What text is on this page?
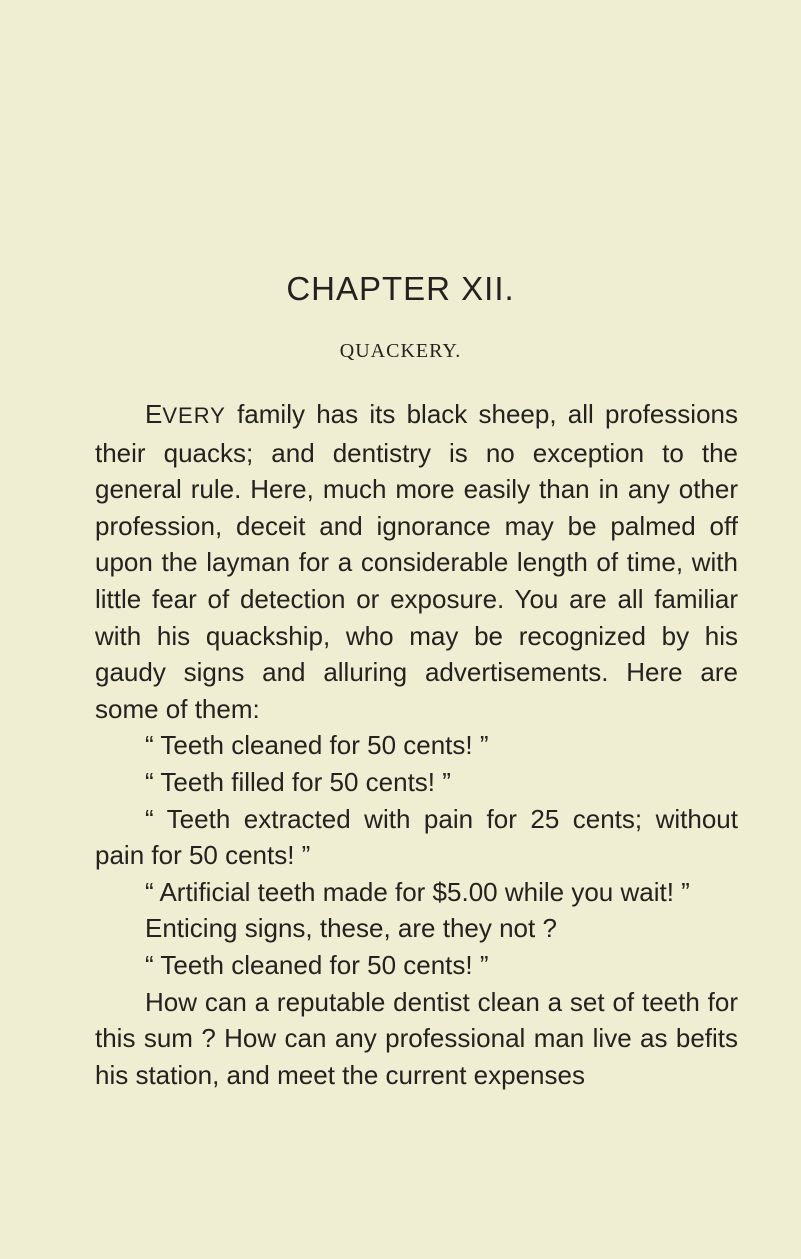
CHAPTER XII.
QUACKERY.

EVERY family has its black sheep, all professions their quacks; and dentistry is no exception to the general rule. Here, much more easily than in any other profession, deceit and ignorance may be palmed off upon the layman for a considerable length of time, with little fear of detection or exposure. You are all familiar with his quackship, who may be recognized by his gaudy signs and alluring advertisements. Here are some of them:

“ Teeth cleaned for 50 cents! ”

“ Teeth filled for 50 cents! ”

“ Teeth extracted with pain for 25 cents; without pain for 50 cents! ”

“ Artificial teeth made for $5.00 while you wait! ”

Enticing signs, these, are they not ?

“ Teeth cleaned for 50 cents! ”

How can a reputable dentist clean a set of teeth for this sum ? How can any professional man live as befits his station, and meet the current expenses
